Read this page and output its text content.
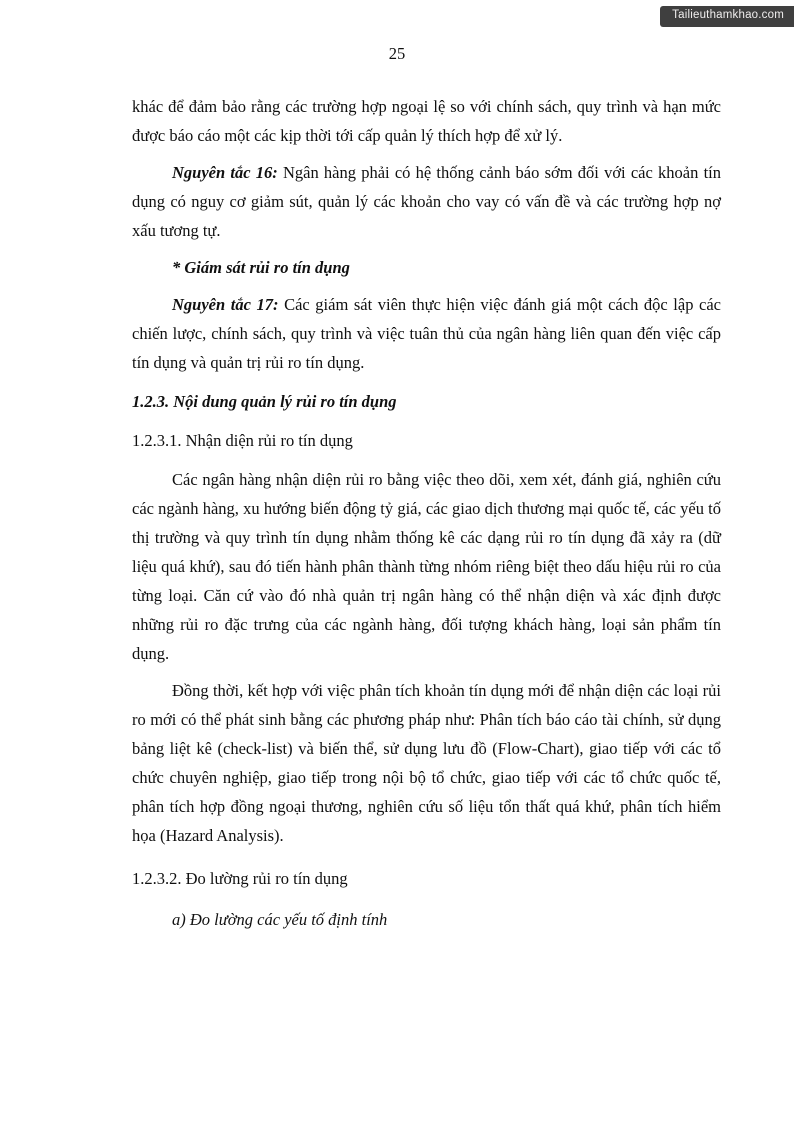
Tailieuthamkhao.com
25

khác để đảm bảo rằng các trường hợp ngoại lệ so với chính sách, quy trình và hạn mức được báo cáo một các kịp thời tới cấp quản lý thích hợp để xử lý.

Nguyên tắc 16: Ngân hàng phải có hệ thống cảnh báo sớm đối với các khoản tín dụng có nguy cơ giảm sút, quản lý các khoản cho vay có vấn đề và các trường hợp nợ xấu tương tự.

* Giám sát rủi ro tín dụng

Nguyên tắc 17: Các giám sát viên thực hiện việc đánh giá một cách độc lập các chiến lược, chính sách, quy trình và việc tuân thủ của ngân hàng liên quan đến việc cấp tín dụng và quản trị rủi ro tín dụng.

1.2.3. Nội dung quản lý rủi ro tín dụng

1.2.3.1. Nhận diện rủi ro tín dụng

Các ngân hàng nhận diện rủi ro bằng việc theo dõi, xem xét, đánh giá, nghiên cứu các ngành hàng, xu hướng biến động tỷ giá, các giao dịch thương mại quốc tế, các yếu tố thị trường và quy trình tín dụng nhằm thống kê các dạng rủi ro tín dụng đã xảy ra (dữ liệu quá khứ), sau đó tiến hành phân thành từng nhóm riêng biệt theo dấu hiệu rủi ro của từng loại. Căn cứ vào đó nhà quản trị ngân hàng có thể nhận diện và xác định được những rủi ro đặc trưng của các ngành hàng, đối tượng khách hàng, loại sản phẩm tín dụng.

Đồng thời, kết hợp với việc phân tích khoản tín dụng mới để nhận diện các loại rủi ro mới có thể phát sinh bằng các phương pháp như: Phân tích báo cáo tài chính, sử dụng bảng liệt kê (check-list) và biến thể, sử dụng lưu đồ (Flow-Chart), giao tiếp với các tổ chức chuyên nghiệp, giao tiếp trong nội bộ tổ chức, giao tiếp với các tổ chức quốc tế, phân tích hợp đồng ngoại thương, nghiên cứu số liệu tổn thất quá khứ, phân tích hiểm họa (Hazard Analysis).

1.2.3.2. Đo lường rủi ro tín dụng

a) Đo lường các yếu tố định tính
